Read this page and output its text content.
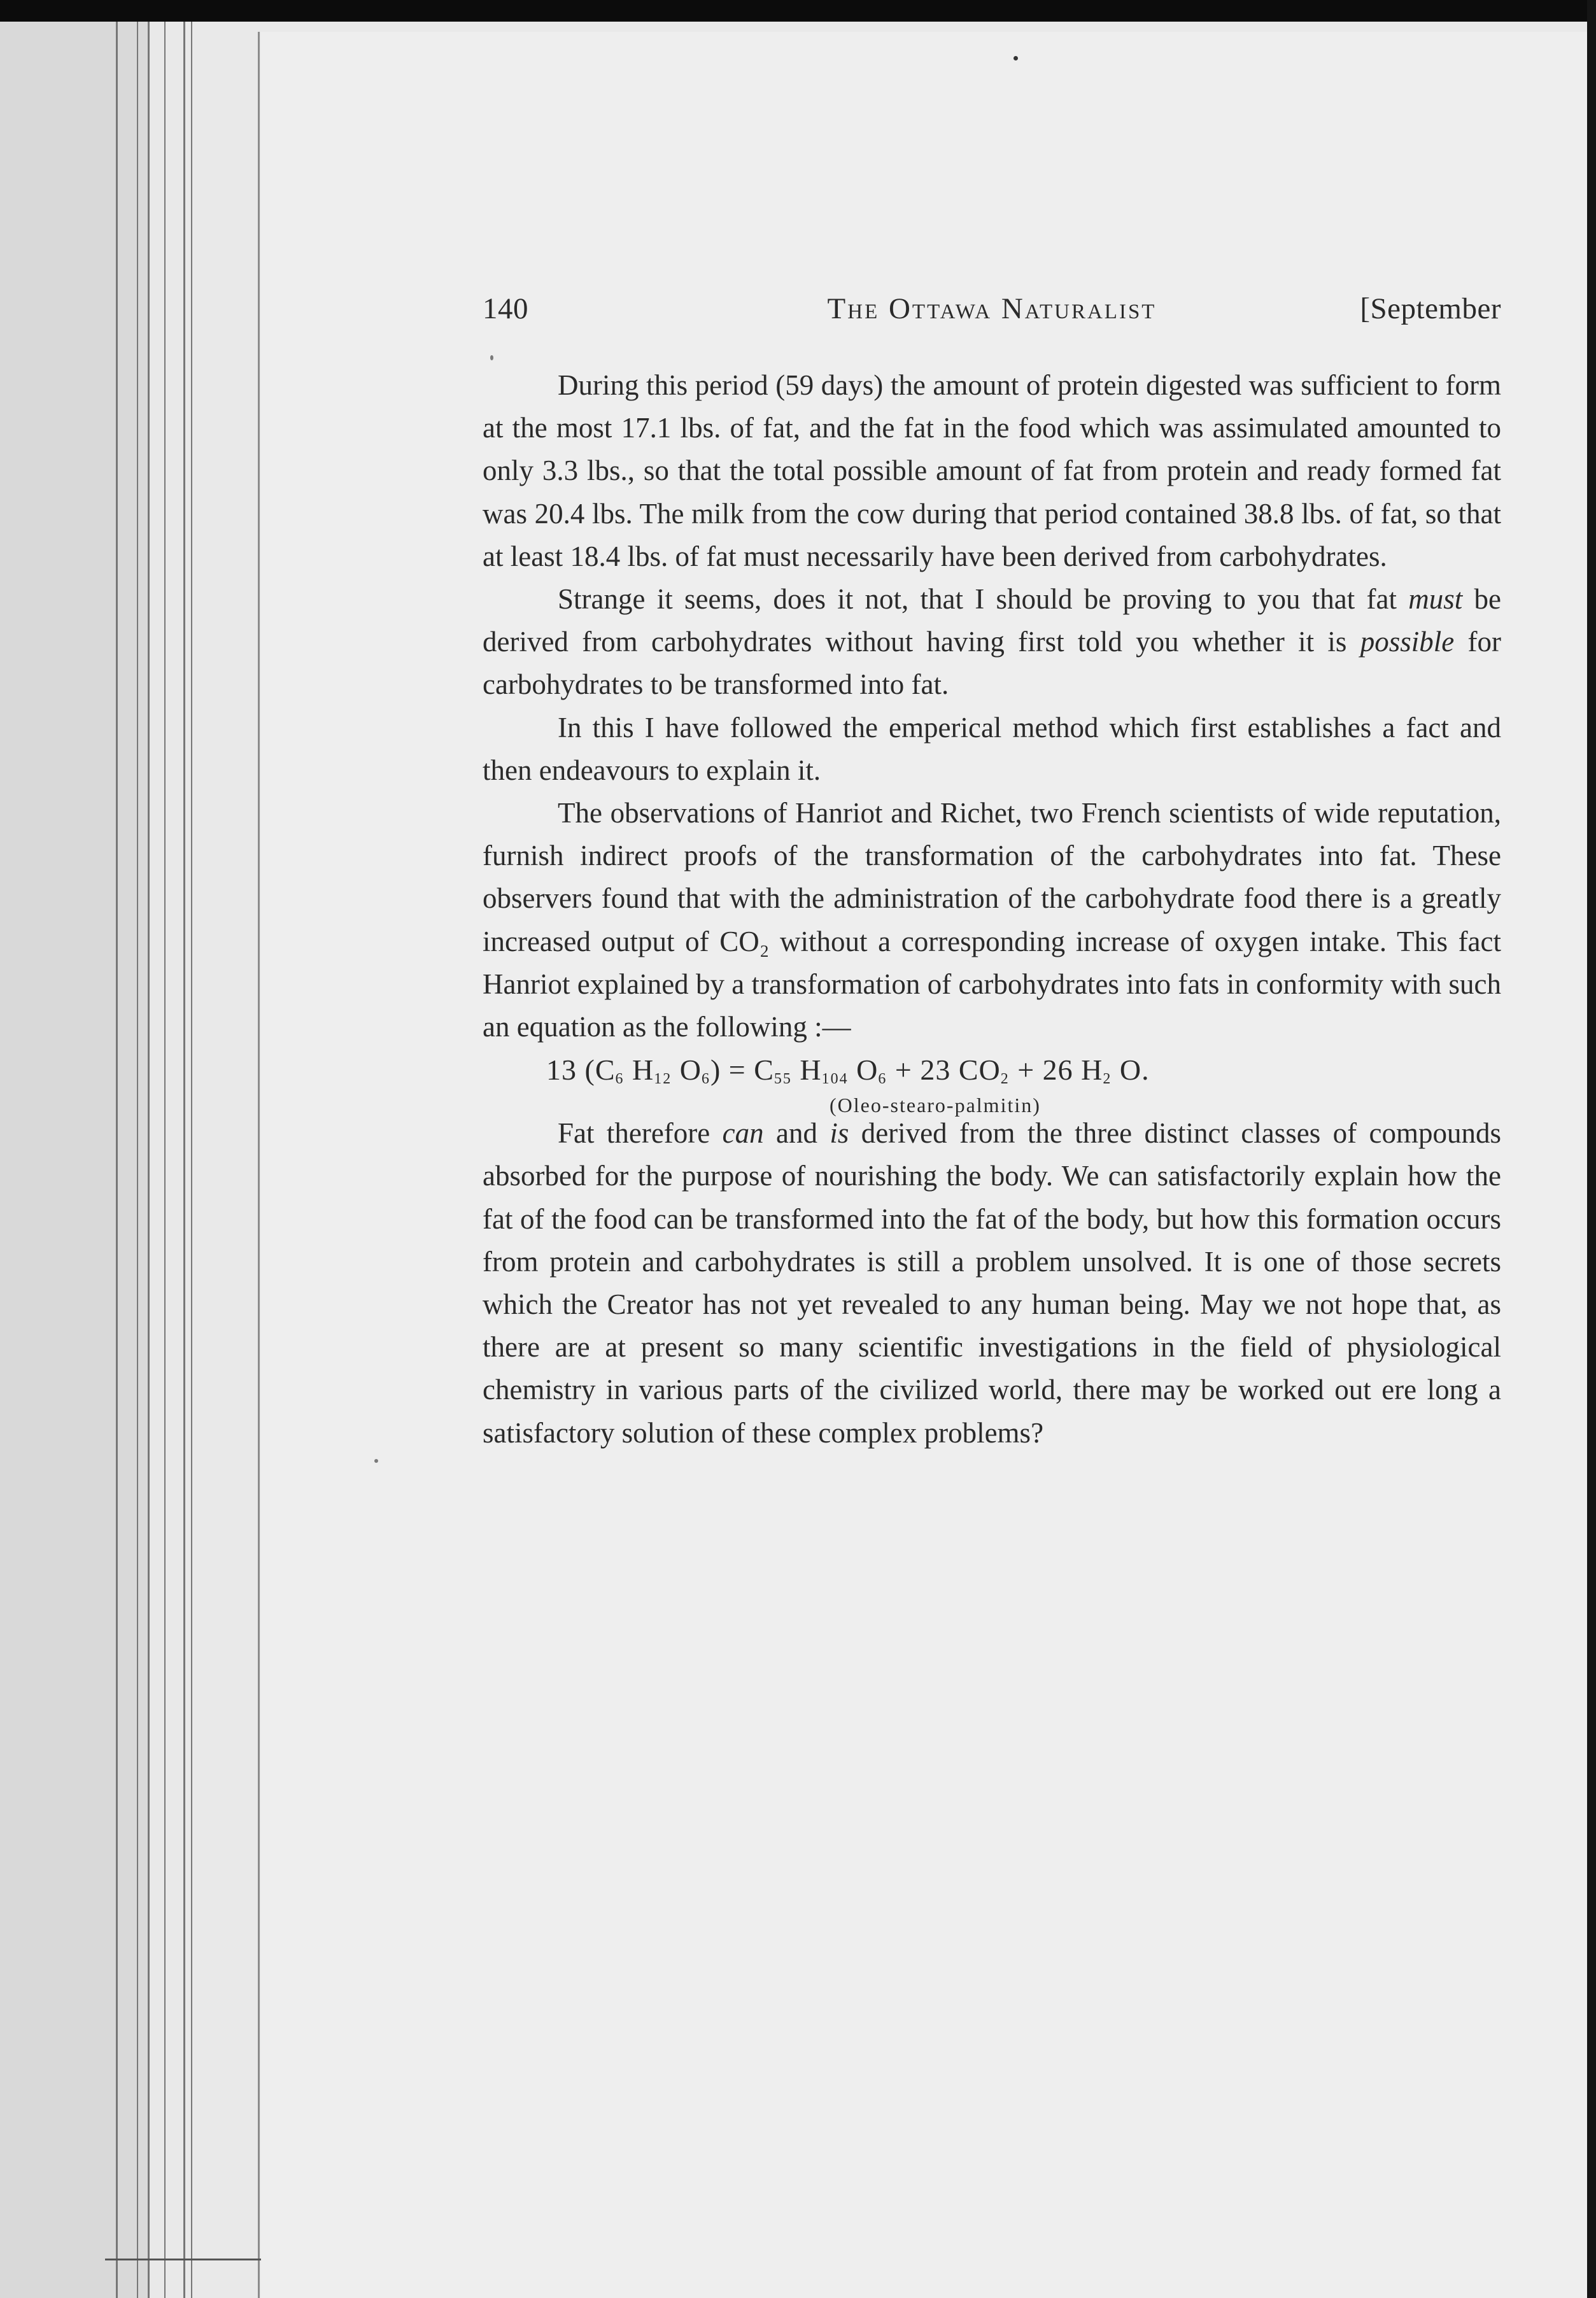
140	The Ottawa Naturalist	[September

During this period (59 days) the amount of protein digested was sufficient to form at the most 17.1 lbs. of fat, and the fat in the food which was assimulated amounted to only 3.3 lbs., so that the total possible amount of fat from protein and ready formed fat was 20.4 lbs. The milk from the cow during that period contained 38.8 lbs. of fat, so that at least 18.4 lbs. of fat must necessarily have been derived from carbohydrates.

Strange it seems, does it not, that I should be proving to you that fat must be derived from carbohydrates without having first told you whether it is possible for carbohydrates to be transformed into fat.

In this I have followed the emperical method which first establishes a fact and then endeavours to explain it.

The observations of Hanriot and Richet, two French scientists of wide reputation, furnish indirect proofs of the transformation of the carbohydrates into fat. These observers found that with the administration of the carbohydrate food there is a greatly increased output of CO₂ without a corresponding increase of oxygen intake. This fact Hanriot explained by a transformation of carbohydrates into fats in conformity with such an equation as the following :—

13 ($C_6$ $H_{12}$ $O_6) = C_{55}$ $H_{104}$ $O_6 + 23$ $CO_2 + 26$ $H_2$ O.
(Oleo-stearo-palmitin)

Fat therefore can and is derived from the three distinct classes of compounds absorbed for the purpose of nourishing the body. We can satisfactorily explain how the fat of the food can be transformed into the fat of the body, but how this formation occurs from protein and carbohydrates is still a problem unsolved. It is one of those secrets which the Creator has not yet revealed to any human being. May we not hope that, as there are at present so many scientific investigations in the field of physiological chemistry in various parts of the civilized world, there may be worked out ere long a satisfactory solution of these complex problems?
